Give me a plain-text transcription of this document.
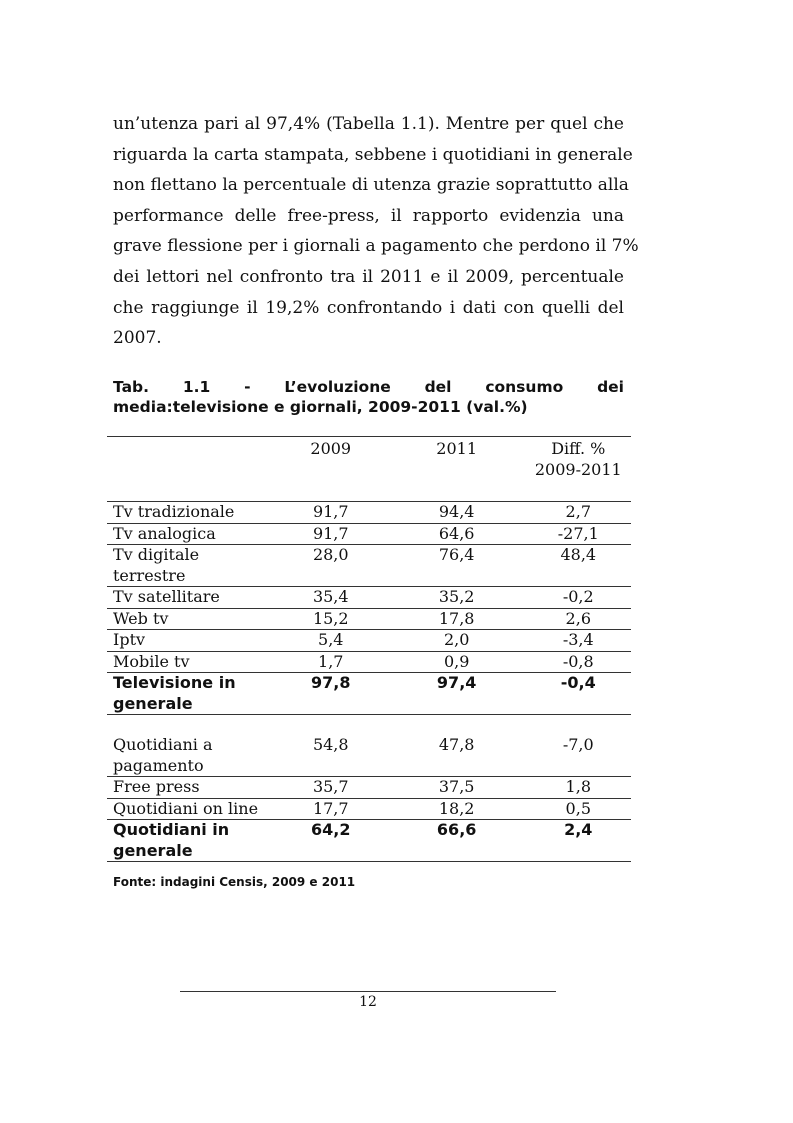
un’utenza pari al 97,4% (Tabella 1.1). Mentre per quel che
riguarda la carta stampata, sebbene i quotidiani in generale
non flettano la percentuale di utenza grazie soprattutto alla
performance delle free-press, il rapporto evidenzia una
grave flessione per i giornali a pagamento che perdono il 7%
dei lettori nel confronto tra il 2011 e il 2009, percentuale
che raggiunge il 19,2% confrontando i dati con quelli del
2007.
Tab. 1.1 - L’evoluzione del consumo dei
media:televisione e giornali, 2009-2011 (val.%)
	2009	2011	Diff. %
2009-2011
Tv tradizionale	91,7	94,4	2,7
Tv analogica	91,7	64,6	-27,1
Tv digitale terrestre	28,0	76,4	48,4
Tv satellitare	35,4	35,2	-0,2
Web tv	15,2	17,8	2,6
Iptv	5,4	2,0	-3,4
Mobile tv	1,7	0,9	-0,8
Televisione in generale	97,8	97,4	-0,4
Quotidiani a pagamento	54,8	47,8	-7,0
Free press	35,7	37,5	1,8
Quotidiani on line	17,7	18,2	0,5
Quotidiani in generale	64,2	66,6	2,4

Fonte: indagini Censis, 2009 e 2011

12
